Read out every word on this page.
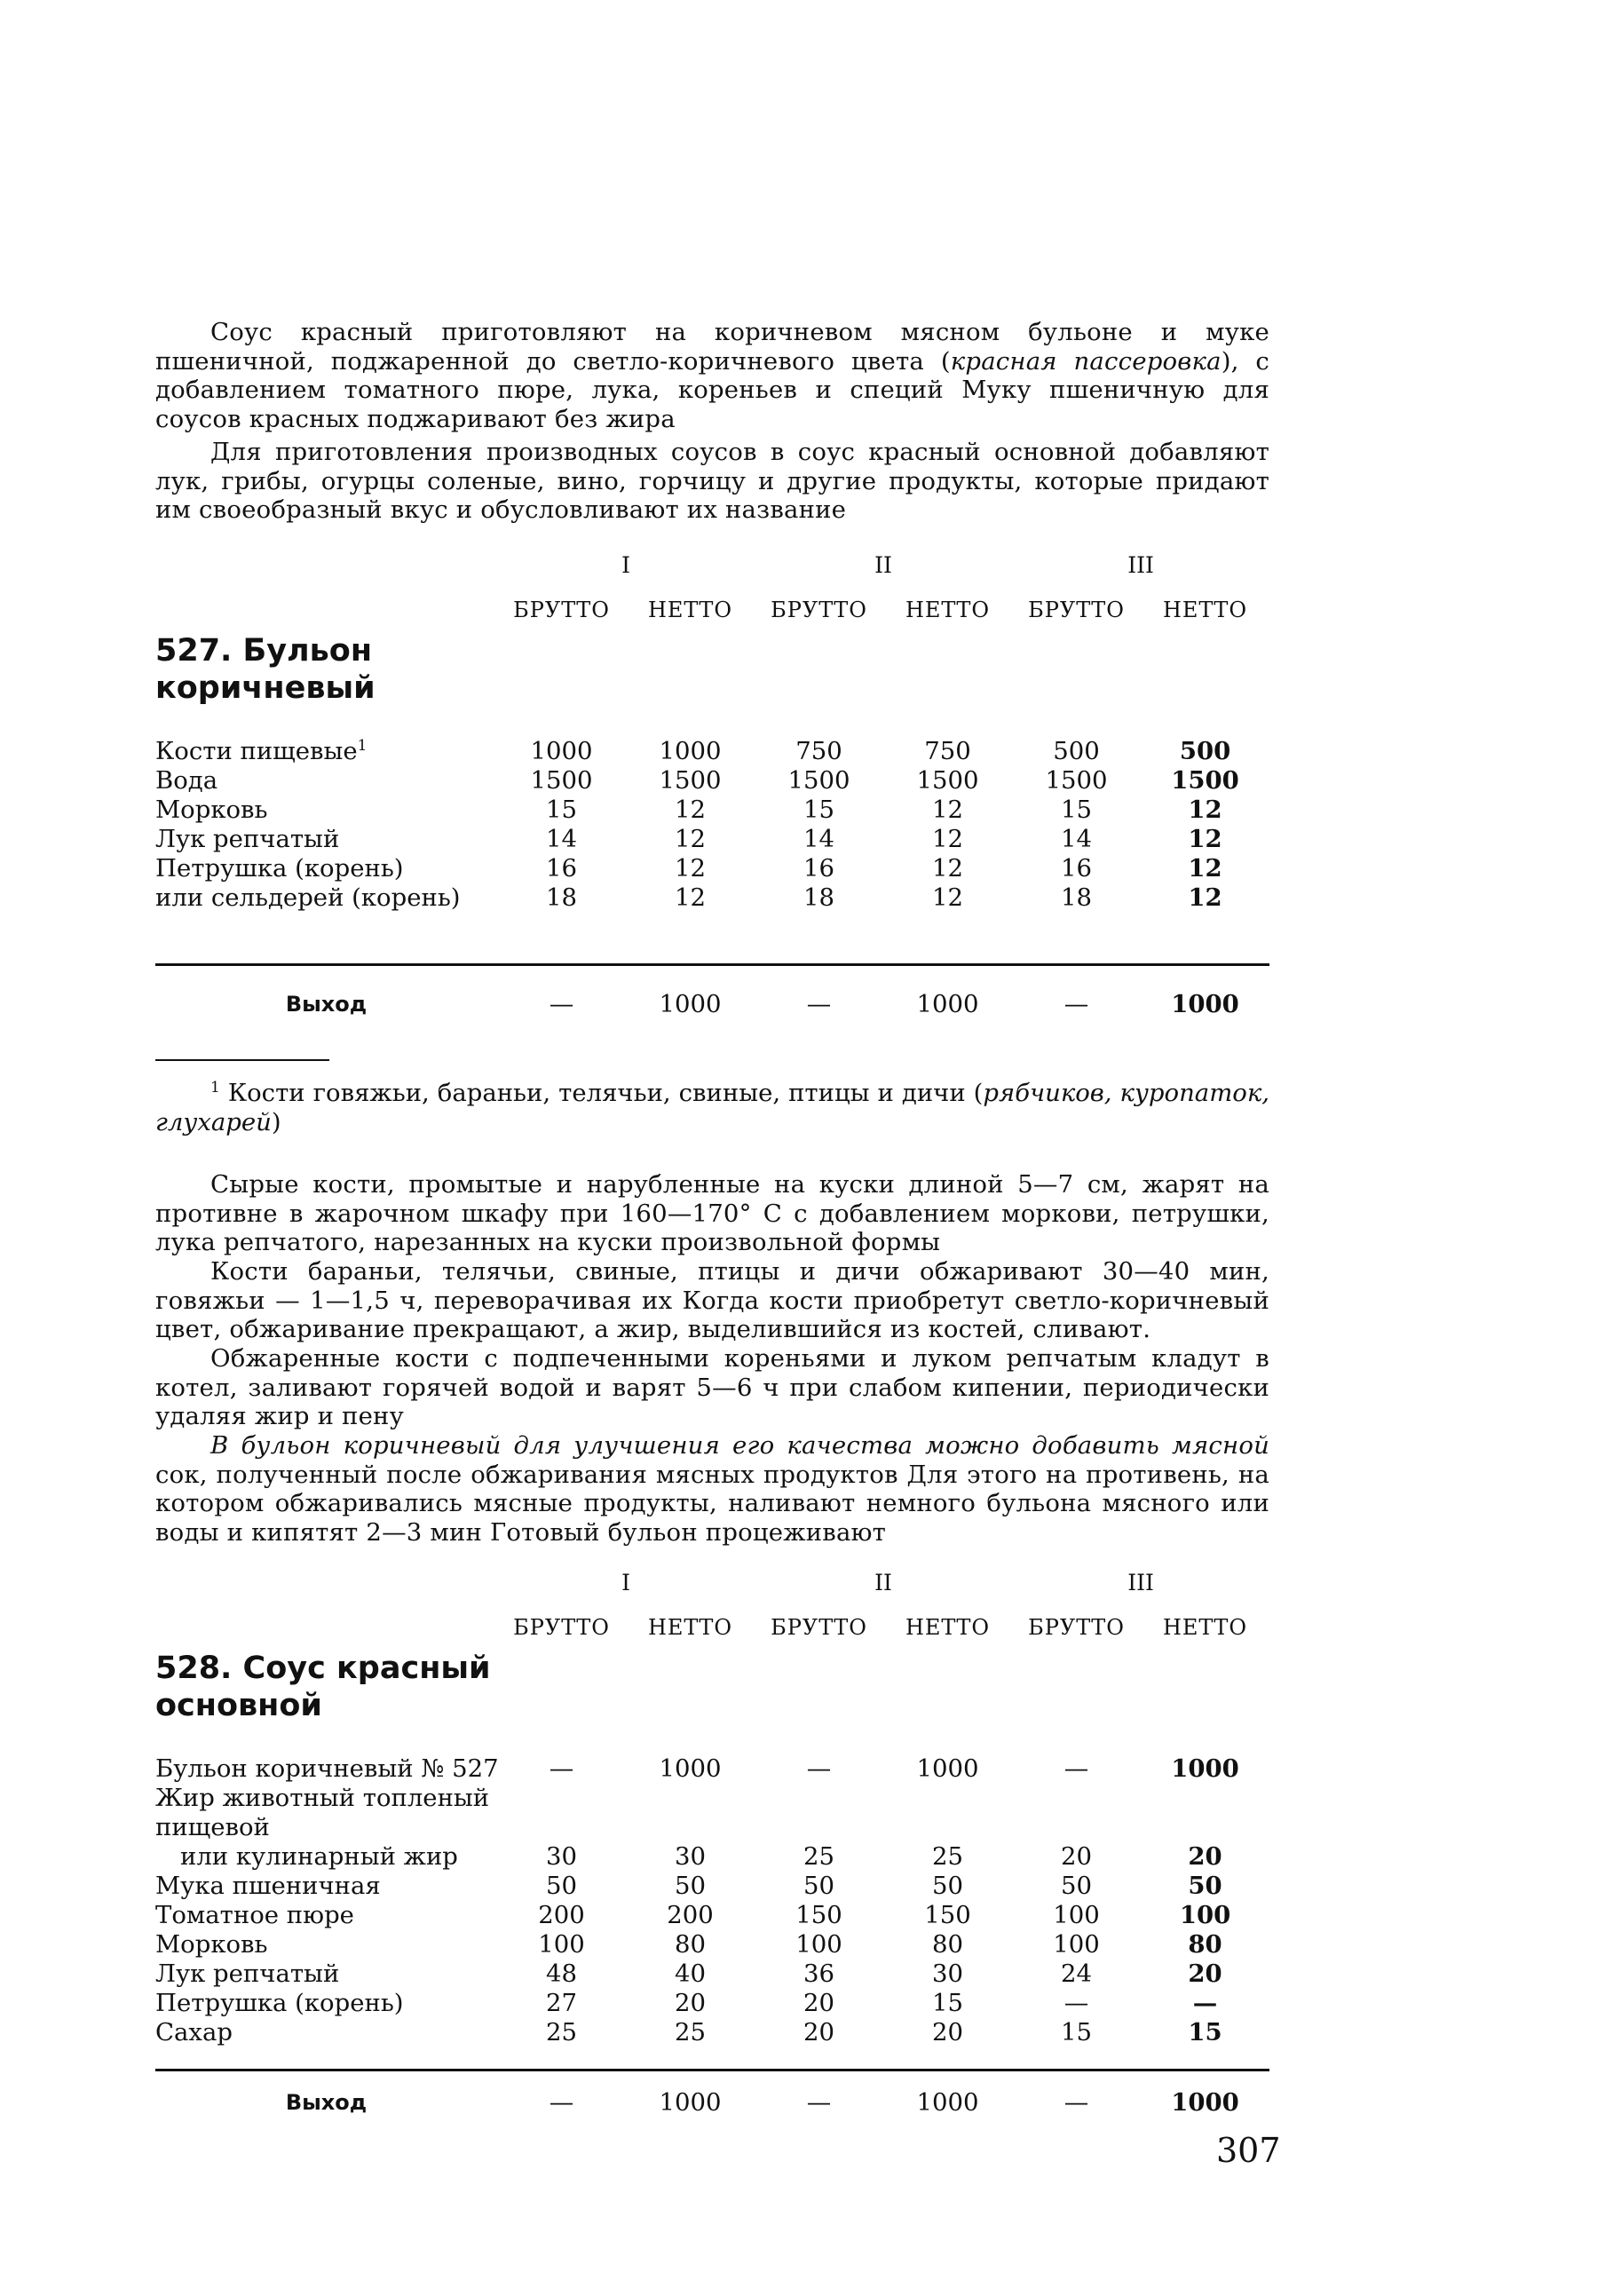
Соус красный приготовляют на коричневом мясном бульоне и муке пшеничной, поджаренной до светло-коричневого цвета (красная пассеровка), с добавлением томатного пюре, лука, кореньев и специй Муку пшеничную для соусов красных поджаривают без жира

Для приготовления производных соусов в соус красный основной добавляют лук, грибы, огурцы соленые, вино, горчицу и другие продукты, которые придают им своеобразный вкус и обусловливают их название

	I		II		III	
	БРУТТО	НЕТТО	БРУТТО	НЕТТО	БРУТТО	НЕТТО

527. Бульон коричневый						

Кости пищевые$^1$	1000	1000	750	750	500	500
Вода	1500	1500	1500	1500	1500	1500
Морковь	15	12	15	12	15	12
Лук репчатый	14	12	14	12	14	12
Петрушка (корень)	16	12	16	12	16	12
или сельдерей (корень)	18	12	18	12	18	12
Выход	—	1000	—	1000	—	1000

$^1$ Кости говяжьи, бараньи, телячьи, свиные, птицы и дичи (рябчиков, куропаток, глухарей)

Сырые кости, промытые и нарубленные на куски длиной 5—7 см, жарят на противне в жарочном шкафу при 160—170° С с добавлением моркови, петрушки, лука репчатого, нарезанных на куски произвольной формы

Кости бараньи, телячьи, свиные, птицы и дичи обжаривают 30—40 мин, говяжьи — 1—1,5 ч, переворачивая их Когда кости приобретут светло-коричневый цвет, обжаривание прекращают, а жир, выделившийся из костей, сливают.

Обжаренные кости с подпеченными кореньями и луком репчатым кладут в котел, заливают горячей водой и варят 5—6 ч при слабом кипении, периодически удаляя жир и пену

В бульон коричневый для улучшения его качества можно добавить мясной сок, полученный после обжаривания мясных продуктов Для этого на противень, на котором обжаривались мясные продукты, наливают немного бульона мясного или воды и кипятят 2—3 мин Готовый бульон процеживают

	I		II		III	
	БРУТТО	НЕТТО	БРУТТО	НЕТТО	БРУТТО	НЕТТО

528. Соус красный основной						

Бульон коричневый № 527	—	1000	—	1000	—	1000
Жир животный топленый						
пищевой						
или кулинарный жир	30	30	25	25	20	20
Мука пшеничная	50	50	50	50	50	50
Томатное пюре	200	200	150	150	100	100
Морковь	100	80	100	80	100	80
Лук репчатый	48	40	36	30	24	20
Петрушка (корень)	27	20	20	15	—	—
Сахар	25	25	20	20	15	15
Выход	—	1000	—	1000	—	1000
307
